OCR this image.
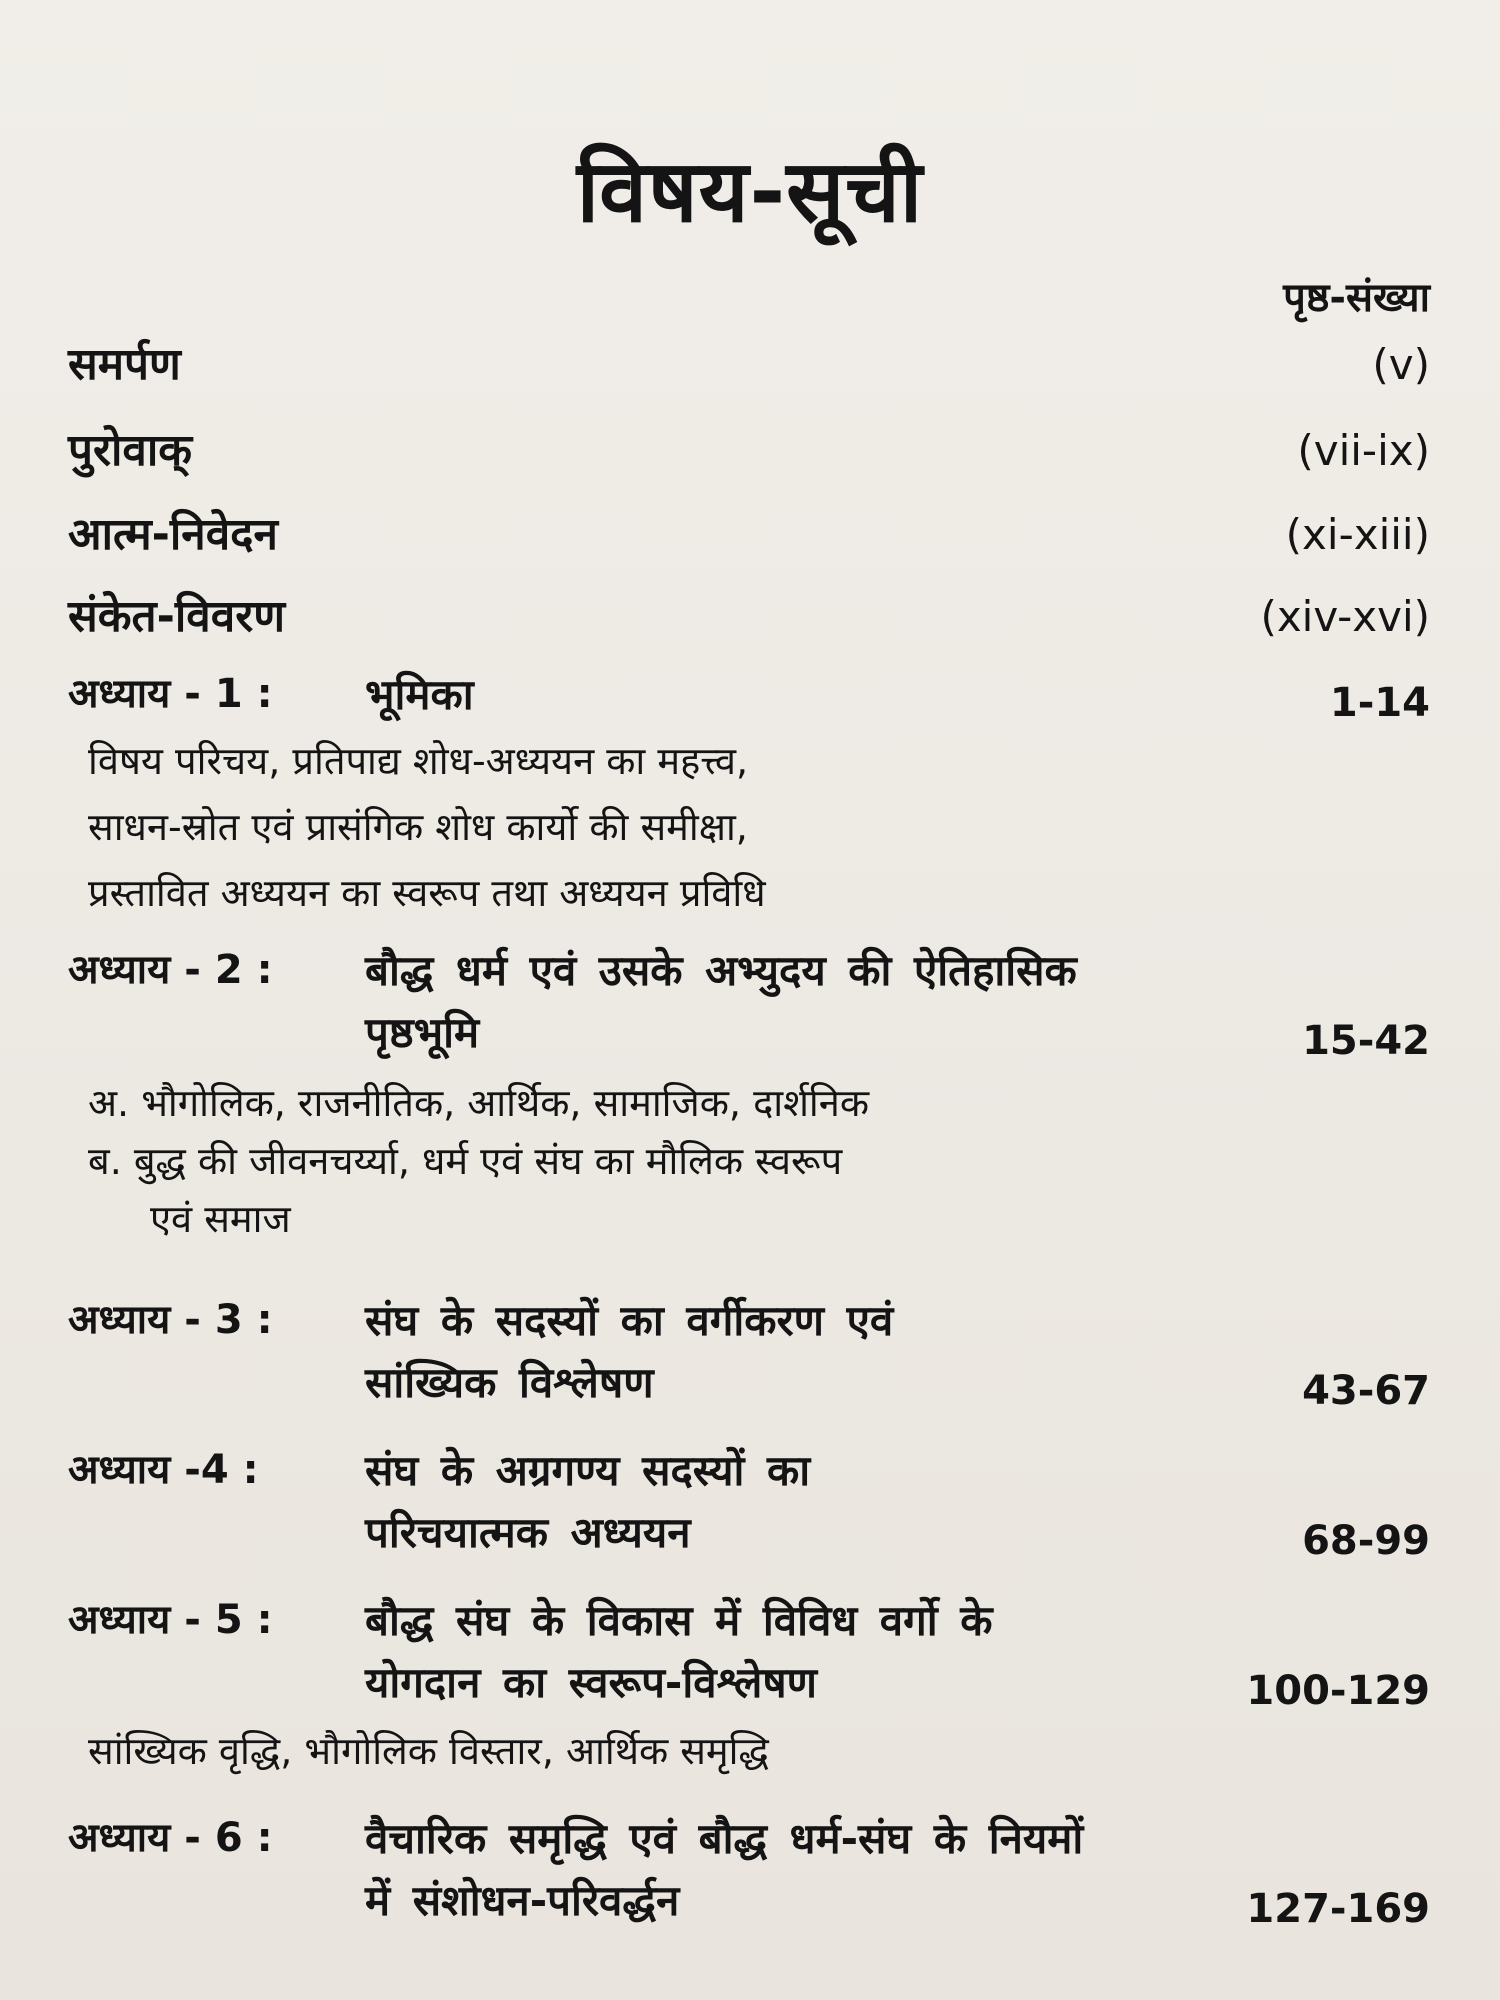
विषय-सूची
पृष्ठ-संख्या
समर्पण	(v)
पुरोवाक्	(vii-ix)
आत्म-निवेदन	(xi-xiii)
संकेत-विवरण	(xiv-xvi)
अध्याय - 1 : भूमिका	1-14
विषय परिचय, प्रतिपाद्य शोध-अध्ययन का महत्त्व,
साधन-स्रोत एवं प्रासंगिक शोध कार्यो की समीक्षा,
प्रस्तावित अध्ययन का स्वरूप तथा अध्ययन प्रविधि
अध्याय - 2 : बौद्ध धर्म एवं उसके अभ्युदय की ऐतिहासिक
पृष्ठभूमि	15-42
अ. भौगोलिक, राजनीतिक, आर्थिक, सामाजिक, दार्शनिक
ब. बुद्ध की जीवनचर्य्या, धर्म एवं संघ का मौलिक स्वरूप
एवं समाज
अध्याय - 3 : संघ के सदस्यों का वर्गीकरण एवं
सांख्यिक विश्लेषण	43-67
अध्याय -4 :	संघ के अग्रगण्य सदस्यों का
परिचयात्मक अध्ययन	68-99
अध्याय - 5 : बौद्ध संघ के विकास में विविध वर्गो के
योगदान का स्वरूप-विश्लेषण	100-129
सांख्यिक वृद्धि, भौगोलिक विस्तार, आर्थिक समृद्धि
अध्याय - 6 : वैचारिक समृद्धि एवं बौद्ध धर्म-संघ के नियमों
में संशोधन-परिवर्द्धन	127-169
